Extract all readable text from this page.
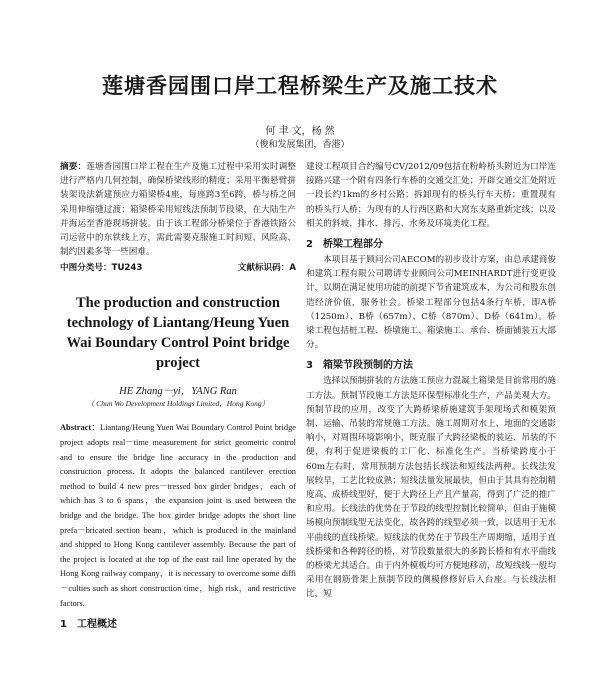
莲塘香园围口岸工程桥梁生产及施工技术
何 聿 文，杨 然
（俊和发展集团，香港）

摘要：莲塘香园围口岸工程在生产及施工过程中采用实时调整进行严格内几何控制，确保桥梁线形的精度；采用平衡悬臂拼装架设法新建预应力箱梁桥4座，每座跨3至6跨，桥与桥之间采用伸缩缝过渡；箱梁桥采用短线法预制节段梁，在大陆生产并海运至香港现场拼装。由于该工程部分桥梁位于香港铁路公司运营中的东铁线上方，需此需要克服施工时间短、风险高、制约因素多等一些困难。

中图分类号：TU243	文献标识码：A
The production and construction technology of Liantang/Heung Yuen Wai Boundary Control Point bridge project
HE Zhang－yi，YANG Ran
（ Chun Wo Development Holdings Limited，Hong Kong）

Abstract：Liantang/Heung Yuen Wai Boundary Control Point bridge project adopts real－time measurement for strict geometric control and to ensure the bridge line accuracy in the production and construction process. It adopts the balanced cantilever erection method to build 4 new pres－tressed box girder bridges，each of which has 3 to 6 spans，the expansion joint is used between the bridge and the bridge. The box girder bridge adopts the short line prefa－bricated section beam，which is produced in the mainland and shipped to Hong Kong cantilever assembly. Because the part of the project is located at the top of the east rail line operated by the Hong Kong railway company，it is necessary to overcome some diffi－culties such as short construction time，high risk，and restrictive factors.

1 工程概述

建设工程项目合约编号CV/2012/09包括在粉岭桥头附近为口岸连接路兴建一个附有四条行车桥的交通交汇处；开辟交通交汇处附近一段长约1km的乡村公路；拆卸现有的桥头行车天桥；重置现有的桥头行人桥；为现有的人行西区路和大窝东支路重新定线；以及相关的斜坡、排水、排污、水务及环境美化工程。

2 桥梁工程部分

本项目基于顾问公司AECOM的初步设计方案，由总承建商俊和建筑工程有限公司聘请专业顾问公司MEINHARDT进行变更设计，以期在满足使用功能的前提下节省建筑成本，为公司和股东创造经济价值，服务社会。桥梁工程部分包括4条行车桥，即A桥（1250m）、B桥（657m）、C桥（870m）、D桥（641m）。桥梁工程包括桩工程、桥墩施工、箱梁施工、承台、桥面铺装五大部分。

3 箱梁节段预制的方法

选择以预制拼装的方法施工预应力混凝土箱梁是目前常用的施工方法。预制节段施工方法是环保型标准化生产，产品美观大方。预制节段的应用，改变了大跨桥梁桥施建筑手架现场式和模架预制、运输、吊装的常规施工方法。施工周期对水上、地面的交通影响小，对周围环境影响小，既克服了大跨径梁板的装运、吊装的不便，有利于促进梁板的工厂化、标准化生产。当桥梁跨度小于60m左右时，常用预制方法包括长线法和短线法两种。长线法发展较早，工艺比较成熟；短线法量发展最快，但由于其具有控制精度高、成桥线型好，便于大跨径上产且产量高，得到了广泛的推广和应用。长线法的优势在于节段的线型控制比较简单，但由于施模场模向预制线型无法变化，故各跨的线型必须一致，以适用于无水平曲线的直线桥梁。短线法的优势在于节段生产周期缩，适用于直线桥梁和各种跨径的桥，对节段数量很大的多跨长桥和有水平曲线的桥梁尤其适合。由于内外模板均可方便地移动，故短线线一般均采用在钢筋骨架上预制节段的侧模修修好后入台座。与长线法相比，短
